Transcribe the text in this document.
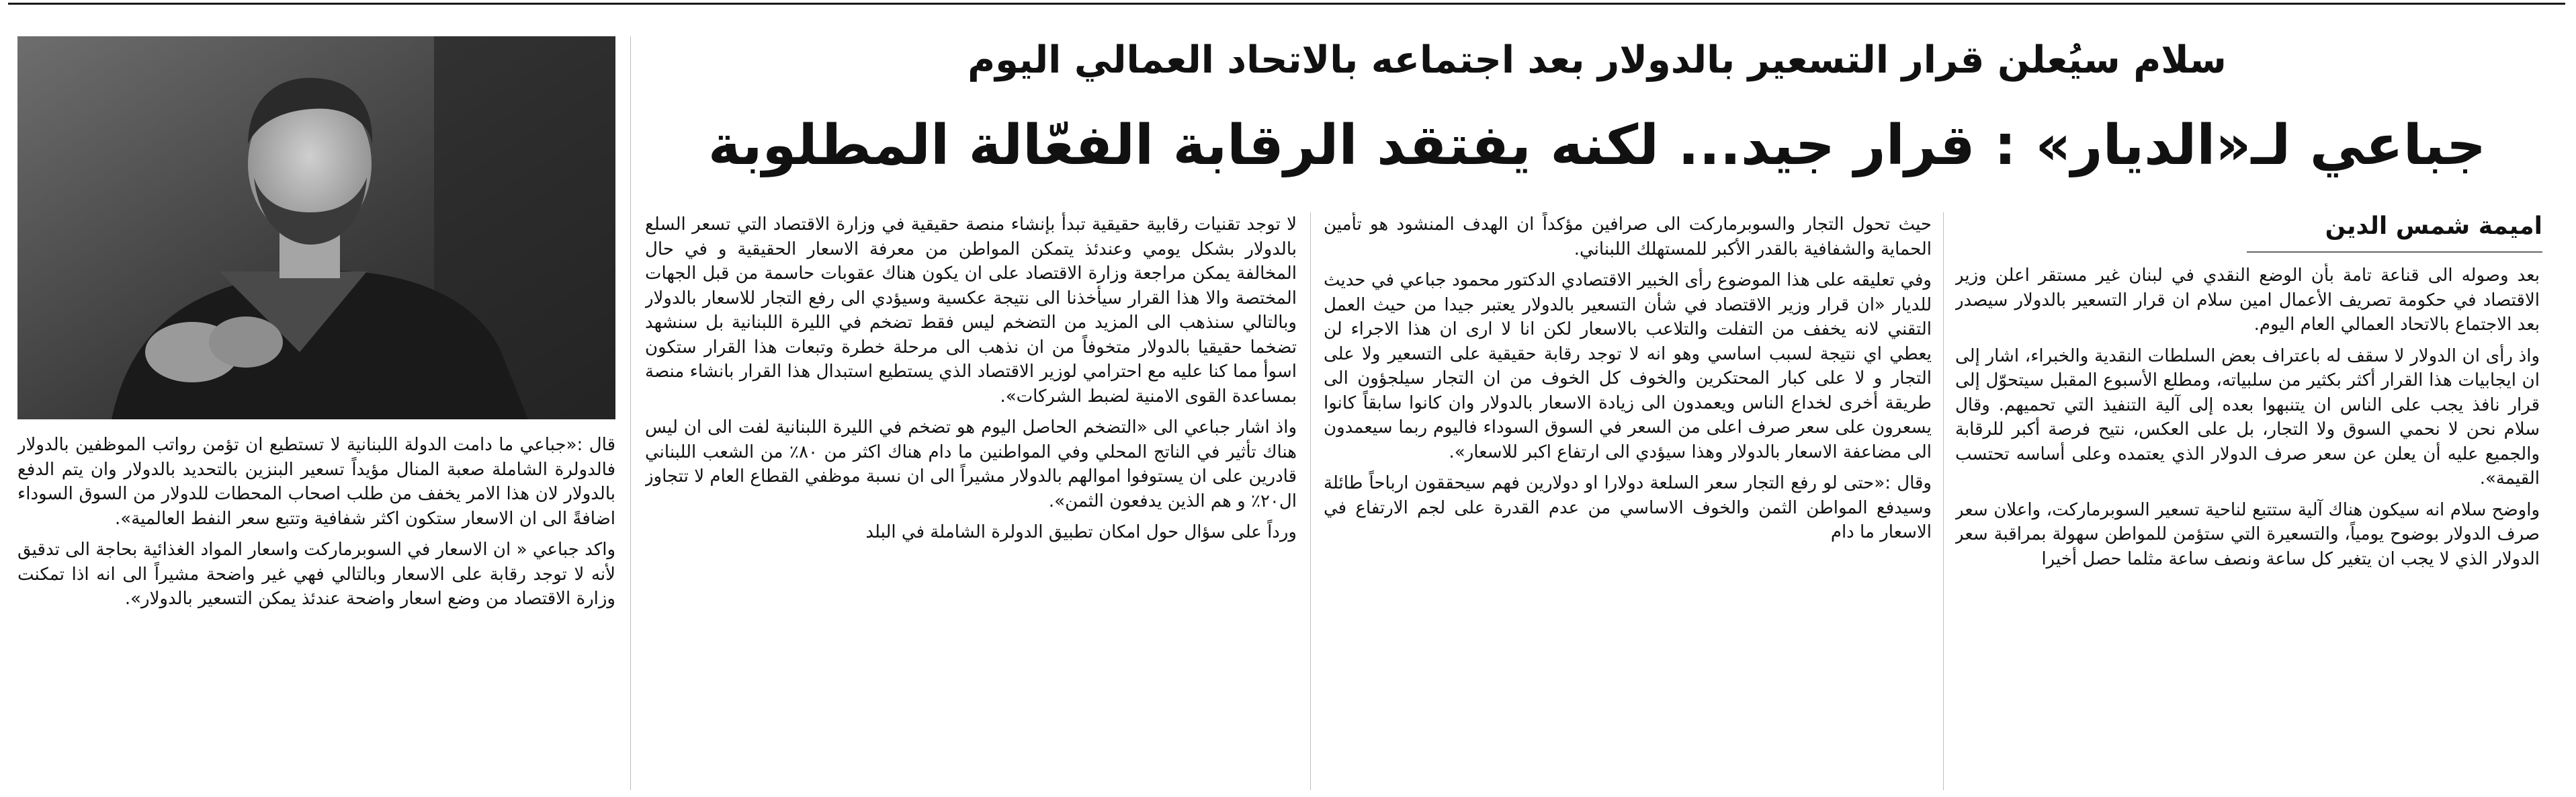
سلام سيُعلن قرار التسعير بالدولار بعد اجتماعه بالاتحاد العمالي اليوم
جباعي لـ«الديار» : قرار جيد... لكنه يفتقد الرقابة الفعّالة المطلوبة
اميمة شمس الدين

بعد وصوله الى قناعة تامة بأن الوضع النقدي في لبنان غير مستقر اعلن وزير الاقتصاد في حكومة تصريف الأعمال امين سلام ان قرار التسعير بالدولار سيصدر بعد الاجتماع بالاتحاد العمالي العام اليوم.

واذ رأى ان الدولار لا سقف له باعتراف بعض السلطات النقدية والخبراء، اشار إلى ان ايجابيات هذا القرار أكثر بكثير من سلبياته، ومطلع الأسبوع المقبل سيتحوّل إلى قرار نافذ يجب على الناس ان يتنبهوا بعده إلى آلية التنفيذ التي تحميهم. وقال سلام نحن لا نحمي السوق ولا التجار، بل على العكس، نتيح فرصة أكبر للرقابة والجميع عليه أن يعلن عن سعر صرف الدولار الذي يعتمده وعلى أساسه تحتسب القيمة».

واوضح سلام انه سيكون هناك آلية ستتبع لناحية تسعير السوبرماركت، واعلان سعر صرف الدولار بوضوح يومياً، والتسعيرة التي ستؤمن للمواطن سهولة بمراقبة سعر الدولار الذي لا يجب ان يتغير كل ساعة ونصف ساعة مثلما حصل أخيرا

حيث تحول التجار والسوبرماركت الى صرافين مؤكداً ان الهدف المنشود هو تأمين الحماية والشفافية بالقدر الأكبر للمستهلك اللبناني.

وفي تعليقه على هذا الموضوع رأى الخبير الاقتصادي الدكتور محمود جباعي في حديث للديار «ان قرار وزير الاقتصاد في شأن التسعير بالدولار يعتبر جيدا من حيث العمل التقني لانه يخفف من التفلت والتلاعب بالاسعار لكن انا لا ارى ان هذا الاجراء لن يعطي اي نتيجة لسبب اساسي وهو انه لا توجد رقابة حقيقية على التسعير ولا على التجار و لا على كبار المحتكرين والخوف كل الخوف من ان التجار سيلجؤون الى طريقة أخرى لخداع الناس ويعمدون الى زيادة الاسعار بالدولار وان كانوا سابقاً كانوا يسعرون على سعر صرف اعلى من السعر في السوق السوداء فاليوم ربما سيعمدون الى مضاعفة الاسعار بالدولار وهذا سيؤدي الى ارتفاع اكبر للاسعار».

وقال :«حتى لو رفع التجار سعر السلعة دولارا او دولارين فهم سيحققون ارباحاً طائلة وسيدفع المواطن الثمن والخوف الاساسي من عدم القدرة على لجم الارتفاع في الاسعار ما دام

لا توجد تقنيات رقابية حقيقية تبدأ بإنشاء منصة حقيقية في وزارة الاقتصاد التي تسعر السلع بالدولار بشكل يومي وعندئذ يتمكن المواطن من معرفة الاسعار الحقيقية و في حال المخالفة يمكن مراجعة وزارة الاقتصاد على ان يكون هناك عقوبات حاسمة من قبل الجهات المختصة والا هذا القرار سيأخذنا الى نتيجة عكسية وسيؤدي الى رفع التجار للاسعار بالدولار وبالتالي سنذهب الى المزيد من التضخم ليس فقط تضخم في الليرة اللبنانية بل سنشهد تضخما حقيقيا بالدولار متخوفاً من ان نذهب الى مرحلة خطرة وتبعات هذا القرار ستكون اسوأ مما كنا عليه مع احترامي لوزير الاقتصاد الذي يستطيع استبدال هذا القرار بانشاء منصة بمساعدة القوى الامنية لضبط الشركات».

واذ اشار جباعي الى «التضخم الحاصل اليوم هو تضخم في الليرة اللبنانية لفت الى ان ليس هناك تأثير في الناتج المحلي وفي المواطنين ما دام هناك اكثر من ٨٠٪ من الشعب اللبناني قادرين على ان يستوفوا اموالهم بالدولار مشيراً الى ان نسبة موظفي القطاع العام لا تتجاوز ال٢٠٪ و هم الذين يدفعون الثمن».

ورداً على سؤال حول امكان تطبيق الدولرة الشاملة في البلد

قال :«جباعي ما دامت الدولة اللبنانية لا تستطيع ان تؤمن رواتب الموظفين بالدولار فالدولرة الشاملة صعبة المنال مؤيداً تسعير البنزين بالتحديد بالدولار وان يتم الدفع بالدولار لان هذا الامر يخفف من طلب اصحاب المحطات للدولار من السوق السوداء اضافةً الى ان الاسعار ستكون اكثر شفافية وتتبع سعر النفط العالمية».

واكد جباعي « ان الاسعار في السوبرماركت واسعار المواد الغذائية بحاجة الى تدقيق لأنه لا توجد رقابة على الاسعار وبالتالي فهي غير واضحة مشيراً الى انه اذا تمكنت وزارة الاقتصاد من وضع اسعار واضحة عندئذ يمكن التسعير بالدولار».
